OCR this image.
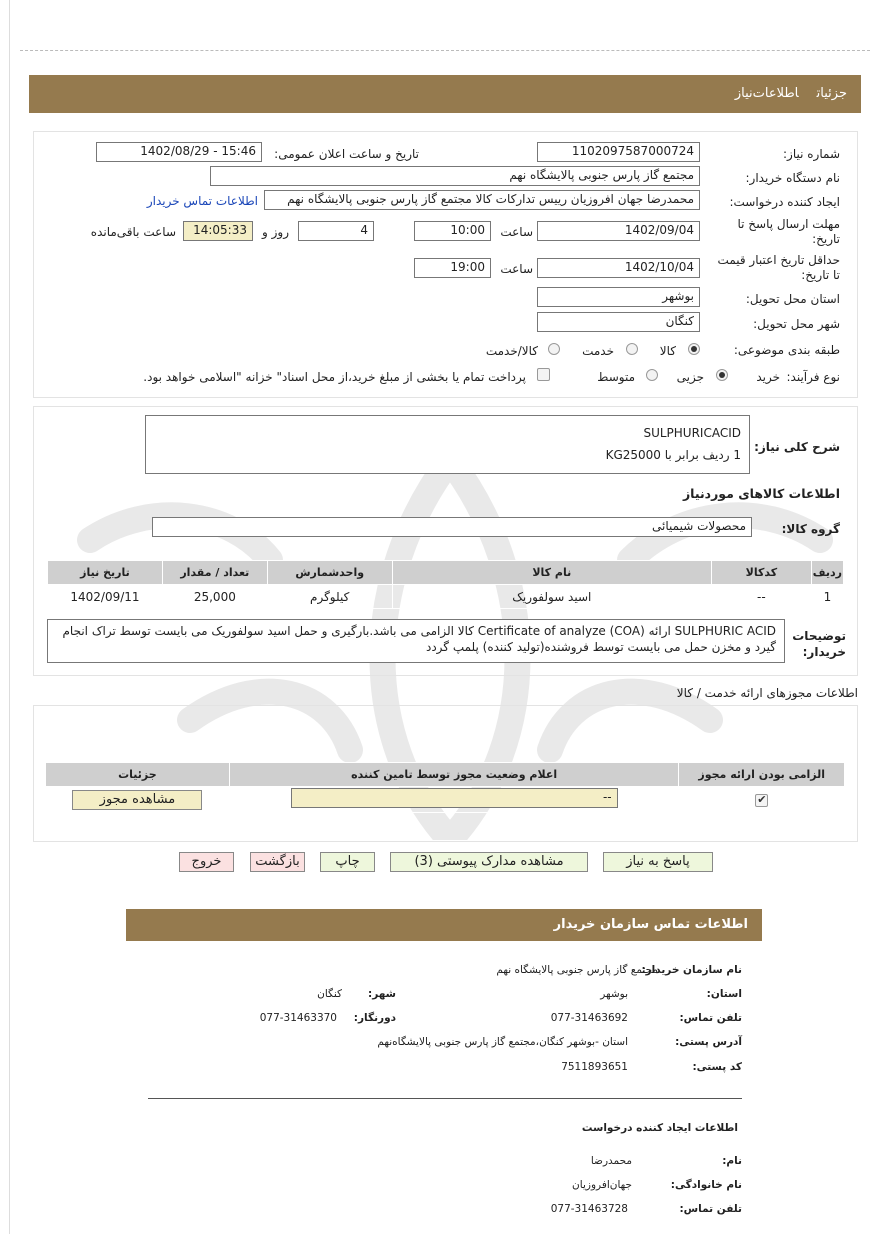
جزئیاتاطلاعات‌نیاز
شماره نیاز:
1102097587000724
تاریخ و ساعت اعلان عمومی:
1402/08/29 - 15:46
نام دستگاه خریدار:
مجتمع گاز پارس جنوبی پالایشگاه نهم
ایجاد کننده درخواست:
محمدرضا جهان افروزیان رییس تدارکات کالا مجتمع گاز پارس جنوبی پالایشگاه نهم
اطلاعات تماس خریدار
مهلت ارسال پاسخ تا تاریخ:
1402/09/04
ساعت
10:00
4
روز و
14:05:33
ساعت باقی‌مانده
حداقل تاریخ اعتبار قیمت تا تاریخ:
1402/10/04
ساعت
19:00
استان محل تحویل:
بوشهر
شهر محل تحویل:
کنگان
طبقه بندی موضوعی:
کالا
خدمت
کالا/خدمت
نوع فرآیند:
خرید
جزیی
متوسط
پرداخت تمام یا بخشی از مبلغ خرید،از محل اسناد" خزانه "اسلامی خواهد بود.
شرح کلی نیاز:
SULPHURICACID
1 ردیف برابر با KG25000
اطلاعات کالاهای موردنیاز
گروه کالا:
محصولات شیمیائی
ردیف	کدکالا	نام کالا	واحدشمارش	تعداد / مقدار	تاریخ نیاز
1	--	اسید سولفوریک	کیلوگرم	25,000	1402/09/11
توضیحات خریدار:
SULPHURIC ACID ارائه Certificate of analyze (COA) کالا الزامی می باشد.بارگیری و حمل اسید سولفوریک می بایست توسط تراک انجام گیرد و مخزن حمل می بایست توسط فروشنده(تولید کننده) پلمپ گردد
اطلاعات مجوزهای ارائه خدمت / کالا
الزامی بودن ارائه مجوز	اعلام وضعیت مجوز توسط تامین کننده	جزئیات

✔	--	مشاهده مجوز
پاسخ به نیاز
مشاهده مدارک پیوستی (3)
چاپ
بازگشت
خروج
اطلاعات تماس سازمان خریدار
نام سازمان خریدار:
مجتمع گاز پارس جنوبی پالایشگاه نهم
استان:
بوشهر
شهر:
کنگان
تلفن تماس:
077-31463692
دورنگار:
077-31463370
آدرس پستی:
استان -بوشهر کنگان،مجتمع گاز پارس جنوبی پالایشگاه‌نهم
کد پستی:
7511893651
اطلاعات ایجاد کننده درخواست
نام:
محمدرضا
نام خانوادگی:
جهان‌افروزیان
تلفن تماس:
077-31463728
